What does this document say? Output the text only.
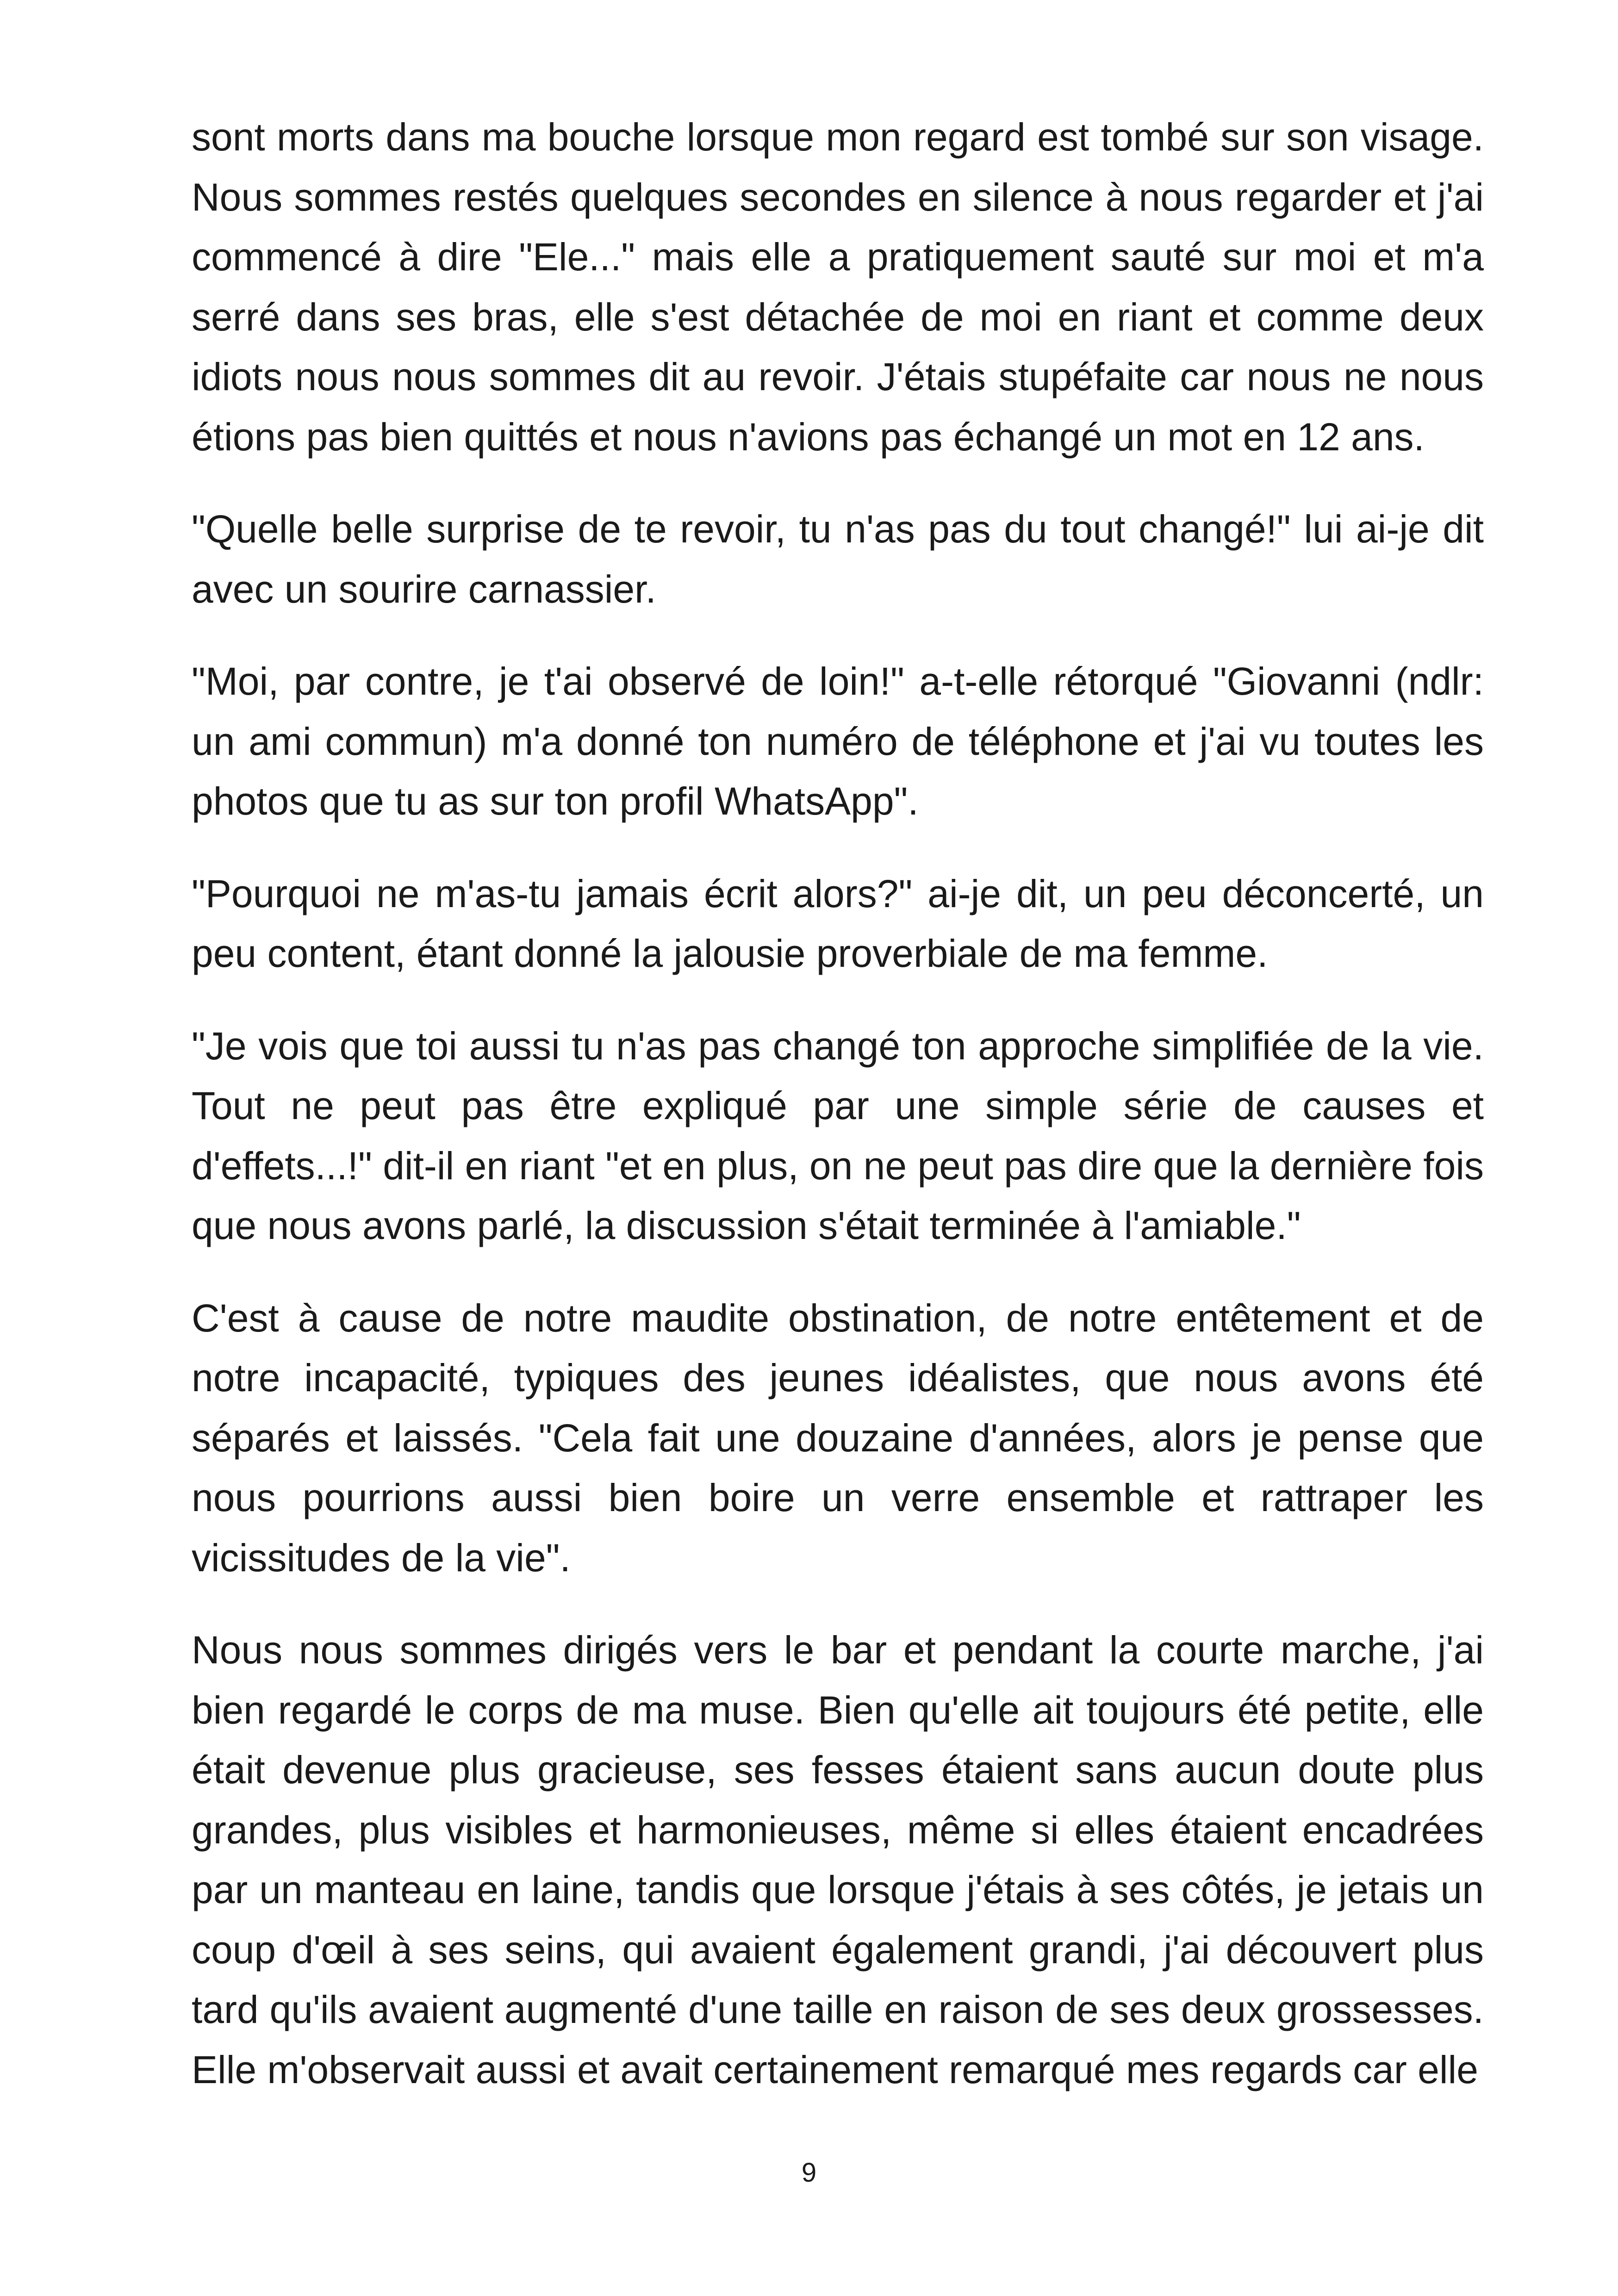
sont morts dans ma bouche lorsque mon regard est tombé sur son visage. Nous sommes restés quelques secondes en silence à nous regarder et j'ai commencé à dire "Ele..." mais elle a pratiquement sauté sur moi et m'a serré dans ses bras, elle s'est détachée de moi en riant et comme deux idiots nous nous sommes dit au revoir. J'étais stupéfaite car nous ne nous étions pas bien quittés et nous n'avions pas échangé un mot en 12 ans.

"Quelle belle surprise de te revoir, tu n'as pas du tout changé!" lui ai-je dit avec un sourire carnassier.

"Moi, par contre, je t'ai observé de loin!" a-t-elle rétorqué "Giovanni (ndlr: un ami commun) m'a donné ton numéro de téléphone et j'ai vu toutes les photos que tu as sur ton profil WhatsApp".

"Pourquoi ne m'as-tu jamais écrit alors?" ai-je dit, un peu déconcerté, un peu content, étant donné la jalousie proverbiale de ma femme.

"Je vois que toi aussi tu n'as pas changé ton approche simplifiée de la vie. Tout ne peut pas être expliqué par une simple série de causes et d'effets...!" dit-il en riant "et en plus, on ne peut pas dire que la dernière fois que nous avons parlé, la discussion s'était terminée à l'amiable."

C'est à cause de notre maudite obstination, de notre entêtement et de notre incapacité, typiques des jeunes idéalistes, que nous avons été séparés et laissés. "Cela fait une douzaine d'années, alors je pense que nous pourrions aussi bien boire un verre ensemble et rattraper les vicissitudes de la vie".

Nous nous sommes dirigés vers le bar et pendant la courte marche, j'ai bien regardé le corps de ma muse. Bien qu'elle ait toujours été petite, elle était devenue plus gracieuse, ses fesses étaient sans aucun doute plus grandes, plus visibles et harmonieuses, même si elles étaient encadrées par un manteau en laine, tandis que lorsque j'étais à ses côtés, je jetais un coup d'œil à ses seins, qui avaient également grandi, j'ai découvert plus tard qu'ils avaient augmenté d'une taille en raison de ses deux grossesses. Elle m'observait aussi et avait certainement remarqué mes regards car elle

9
